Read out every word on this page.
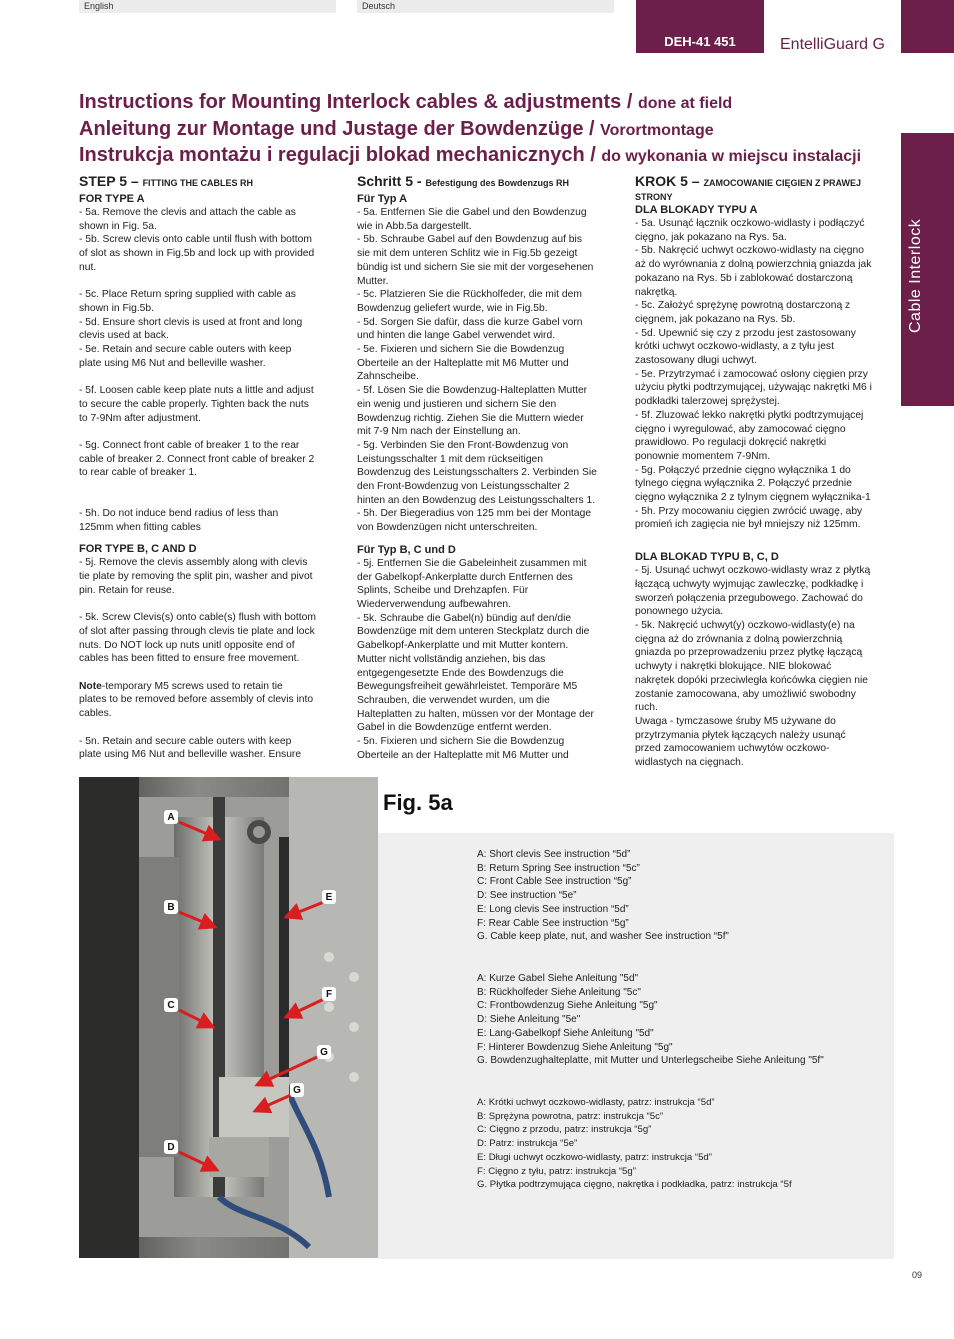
English	Deutsch
DEH-41 451	EntelliGuard G
Cable Interlock
Instructions for Mounting Interlock cables & adjustments / done at field
Anleitung zur Montage und Justage der Bowdenzüge / Vorortmontage
Instrukcja montażu i regulacji blokad mechanicznych / do wykonania w miejscu instalacji
STEP 5 – FITTING THE CABLES RH
FOR TYPE A

- 5a. Remove the clevis and attach the cable as
shown in Fig. 5a.
- 5b. Screw clevis onto cable until flush with bottom
of slot as shown in Fig.5b and lock up with provided
nut.

- 5c. Place Return spring supplied with cable as
shown in Fig.5b.
- 5d. Ensure short clevis is used at front and long
clevis used at back.
- 5e. Retain and secure cable outers with keep
plate using M6 Nut and belleville washer.

- 5f. Loosen cable keep plate nuts a little and adjust
to secure the cable properly. Tighten back the nuts
to 7-9Nm after adjustment.

- 5g. Connect front cable of breaker 1 to the rear
cable of breaker 2. Connect front cable of breaker 2
to rear cable of breaker 1.

- 5h. Do not induce bend radius of less than
125mm when fitting cables

FOR TYPE B, C AND D

- 5j. Remove the clevis assembly along with clevis
tie plate by removing the split pin, washer and pivot
pin. Retain for reuse.

- 5k. Screw Clevis(s) onto cable(s) flush with bottom
of slot after passing through clevis tie plate and lock
nuts. Do NOT lock up nuts unitl opposite end of
cables has been fitted to ensure free movement.

Note-temporary M5 screws used to retain tie
plates to be removed before assembly of clevis into
cables.

- 5n. Retain and secure cable outers with keep
plate using M6 Nut and belleville washer. Ensure

Schritt 5 - Befestigung des Bowdenzugs RH
Für Typ A

- 5a. Entfernen Sie die Gabel und den Bowdenzug
wie in Abb.5a dargestellt.
- 5b. Schraube Gabel auf den Bowdenzug auf bis
sie mit dem unteren Schlitz wie in Fig.5b gezeigt
bündig ist und sichern Sie sie mit der vorgesehenen
Mutter.
- 5c. Platzieren Sie die Rückholfeder, die mit dem
Bowdenzug geliefert wurde, wie in Fig.5b.
- 5d. Sorgen Sie dafür, dass die kurze Gabel vorn
und hinten die lange Gabel verwendet wird.
- 5e. Fixieren und sichern Sie die Bowdenzug
Oberteile an der Halteplatte mit M6 Mutter und
Zahnscheibe.
- 5f. Lösen Sie die Bowdenzug-Halteplatten Mutter
ein wenig und justieren und sichern Sie den
Bowdenzug richtig. Ziehen Sie die Muttern wieder
mit 7-9 Nm nach der Einstellung an.
- 5g. Verbinden Sie den Front-Bowdenzug von
Leistungsschalter 1 mit dem rückseitigen
Bowdenzug des Leistungsschalters 2. Verbinden Sie
den Front-Bowdenzug von Leistungsschalter 2
hinten an den Bowdenzug des Leistungsschalters 1.
- 5h. Der Biegeradius von 125 mm bei der Montage
von Bowdenzügen nicht unterschreiten.

Für Typ B, C und D

- 5j. Entfernen Sie die Gabeleinheit zusammen mit
der Gabelkopf-Ankerplatte durch Entfernen des
Splints, Scheibe und Drehzapfen. Für
Wiederverwendung aufbewahren.
- 5k. Schraube die Gabel(n) bündig auf den/die
Bowdenzüge mit dem unteren Steckplatz durch die
Gabelkopf-Ankerplatte und mit Mutter kontern.
Mutter nicht vollständig anziehen, bis das
entgegengesetzte Ende des Bowdenzugs die
Bewegungsfreiheit gewährleistet. Temporäre M5
Schrauben, die verwendet wurden, um die
Halteplatten zu halten, müssen vor der Montage der
Gabel in die Bowdenzüge entfernt werden.
- 5n. Fixieren und sichern Sie die Bowdenzug
Oberteile an der Halteplatte mit M6 Mutter und

KROK 5 – ZAMOCOWANIE CIĘGIEN Z PRAWEJ
STRONY
DLA BLOKADY TYPU A

- 5a. Usunąć łącznik oczkowo-widlasty i podłączyć
cięgno, jak pokazano na Rys. 5a.
- 5b. Nakręcić uchwyt oczkowo-widlasty na cięgno
aż do wyrównania z dolną powierzchnią gniazda jak
pokazano na Rys. 5b i zablokować dostarczoną
nakrętką.
- 5c. Założyć sprężynę powrotną dostarczoną z
cięgnem, jak pokazano na Rys. 5b.
- 5d. Upewnić się czy z przodu jest zastosowany
krótki uchwyt oczkowo-widlasty, a z tyłu jest
zastosowany długi uchwyt.
- 5e. Przytrzymać i zamocować osłony cięgien przy
użyciu płytki podtrzymującej, używając nakrętki M6 i
podkładki talerzowej sprężystej.
- 5f. Zluzować lekko nakrętki płytki podtrzymującej
cięgno i wyregulować, aby zamocować cięgno
prawidłowo. Po regulacji dokręcić nakrętki
ponownie momentem 7-9Nm.
- 5g. Połączyć przednie cięgno wyłącznika 1 do
tylnego cięgna wyłącznika 2. Połączyć przednie
cięgno wyłącznika 2 z tylnym cięgnem wyłącznika-1
- 5h. Przy mocowaniu cięgien zwrócić uwagę, aby
promień ich zagięcia nie był mniejszy niż 125mm.

DLA BLOKAD TYPU B, C, D

- 5j. Usunąć uchwyt oczkowo-widlasty wraz z płytką
łączącą uchwyty wyjmując zawleczkę, podkładkę i
sworzeń połączenia przegubowego. Zachować do
ponownego użycia.
- 5k. Nakręcić uchwyt(y) oczkowo-widlasty(e) na
cięgna aż do zrównania z dolną powierzchnią
gniazda po przeprowadzeniu przez płytkę łączącą
uchwyty i nakrętki blokujące. NIE blokować
nakrętek dopóki przeciwległa końcówka cięgien nie
zostanie zamocowana, aby umożliwić swobodny
ruch.
Uwaga - tymczasowe śruby M5 używane do
przytrzymania płytek łączących należy usunąć
przed zamocowaniem uchwytów oczkowo-
widlastych na cięgnach.

A
B
C
D
E
F
G
G
Fig. 5a
A: Short clevis See instruction “5d”
B: Return Spring See instruction “5c”
C: Front Cable See instruction “5g”
D: See instruction “5e”
E: Long clevis See instruction “5d”
F: Rear Cable See instruction “5g”
G. Cable keep plate, nut, and washer See instruction “5f”
A: Kurze Gabel Siehe Anleitung "5d"
B: Rückholfeder Siehe Anleitung "5c"
C: Frontbowdenzug Siehe Anleitung "5g"
D: Siehe Anleitung "5e"
E: Lang-Gabelkopf Siehe Anleitung "5d"
F: Hinterer Bowdenzug Siehe Anleitung "5g"
G. Bowdenzughalteplatte, mit Mutter und Unterlegscheibe Siehe Anleitung "5f"
A: Krótki uchwyt oczkowo-widlasty, patrz: instrukcja “5d”
B: Sprężyna powrotna, patrz: instrukcja “5c”
C: Cięgno z przodu, patrz: instrukcja “5g”
D: Patrz: instrukcja “5e”
E: Długi uchwyt oczkowo-widlasty, patrz: instrukcja “5d”
F: Cięgno z tyłu, patrz: instrukcja “5g”
G. Płytka podtrzymująca cięgno, nakrętka i podkładka, patrz: instrukcja “5f
09
